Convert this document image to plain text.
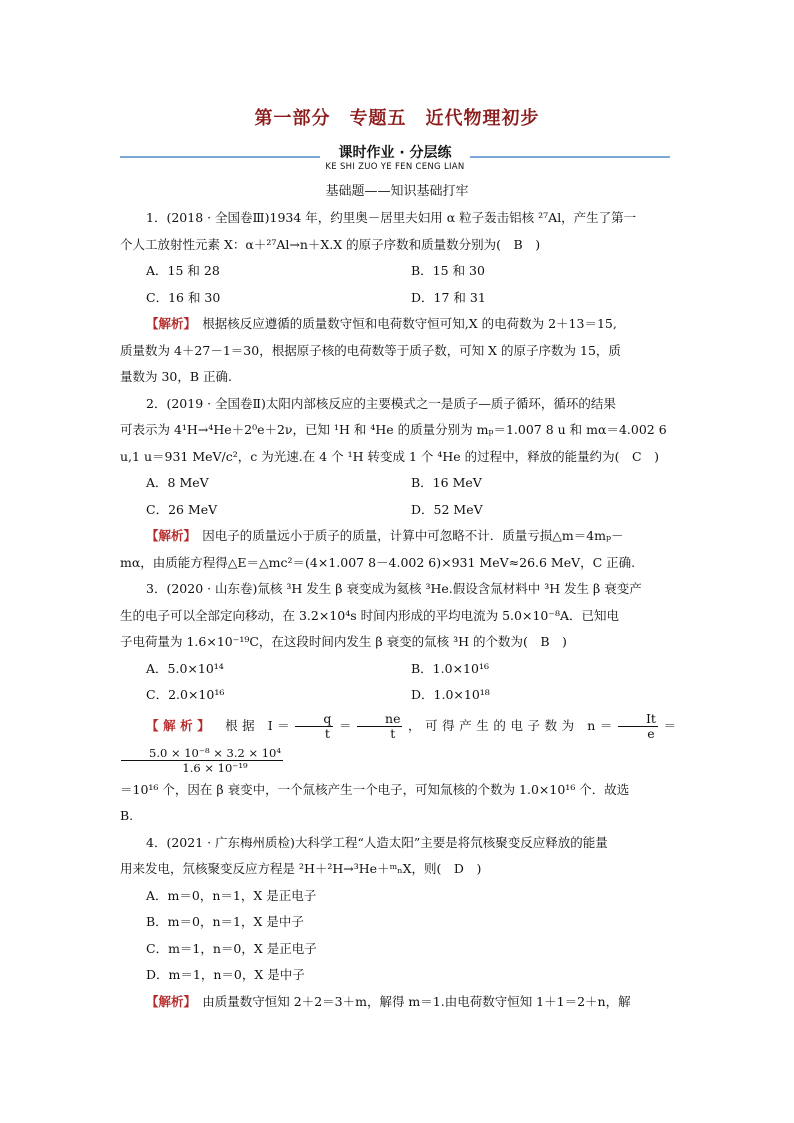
第一部分　专题五　近代物理初步
课时作业 · 分层练
KE SHI ZUO YE FEN CENG LIAN
基础题——知识基础打牢

1．(2018 · 全国卷Ⅲ)1934 年，约里奥－居里夫妇用 α 粒子轰击铝核 ²⁷Al，产生了第一

个人工放射性元素 X：α＋²⁷Al→n＋X.X 的原子序数和质量数分别为(　B　)

A．15 和 28	B．15 和 30
C．16 和 30	D．17 和 31

【解析】　根据核反应遵循的质量数守恒和电荷数守恒可知,X 的电荷数为 2＋13＝15,

质量数为 4＋27－1＝30，根据原子核的电荷数等于质子数，可知 X 的原子序数为 15，质

量数为 30，B 正确.

2．(2019 · 全国卷Ⅱ)太阳内部核反应的主要模式之一是质子—质子循环，循环的结果

可表示为 4¹H→⁴He＋2⁰e＋2ν，已知 ¹H 和 ⁴He 的质量分别为 mₚ＝1.007 8 u 和 mα＝4.002 6

u,1 u＝931 MeV/c²，c 为光速.在 4 个 ¹H 转变成 1 个 ⁴He 的过程中，释放的能量约为(　C　)

A．8 MeV	B．16 MeV
C．26 MeV	D．52 MeV

【解析】　因电子的质量远小于质子的质量，计算中可忽略不计．质量亏损△m＝4mₚ－

mα，由质能方程得△E＝△mc²＝(4×1.007 8－4.002 6)×931 MeV≈26.6 MeV，C 正确.

3．(2020 · 山东卷)氚核 ³H 发生 β 衰变成为氦核 ³He.假设含氚材料中 ³H 发生 β 衰变产

生的电子可以全部定向移动，在 3.2×10⁴s 时间内形成的平均电流为 5.0×10⁻⁸A．已知电

子电荷量为 1.6×10⁻¹⁹C，在这段时间内发生 β 衰变的氚核 ³H 的个数为(　B　)

A．5.0×10¹⁴	B．1.0×10¹⁶
C．2.0×10¹⁶	D．1.0×10¹⁸

【解析】　根据 $I= \frac{q}{t} = \frac{ne}{t}$ ，可得产生的电子数为 $n= \frac{It}{e}$ ＝
$\frac{\text{5.0 × 10⁻⁸ × 3.2 × 10⁴}}{\text{1.6 × 10⁻¹⁹}}$

＝10¹⁶ 个，因在 β 衰变中，一个氚核产生一个电子，可知氚核的个数为 1.0×10¹⁶ 个．故选

B.

4．(2021 · 广东梅州质检)大科学工程“人造太阳”主要是将氘核聚变反应释放的能量

用来发电，氘核聚变反应方程是 ²H＋²H→³He＋ᵐₙX，则(　D　)

A．m＝0，n＝1，X 是正电子
B．m＝0，n＝1，X 是中子
C．m＝1，n＝0，X 是正电子
D．m＝1，n＝0，X 是中子

【解析】　由质量数守恒知 2＋2＝3＋m，解得 m＝1.由电荷数守恒知 1＋1＝2＋n，解
